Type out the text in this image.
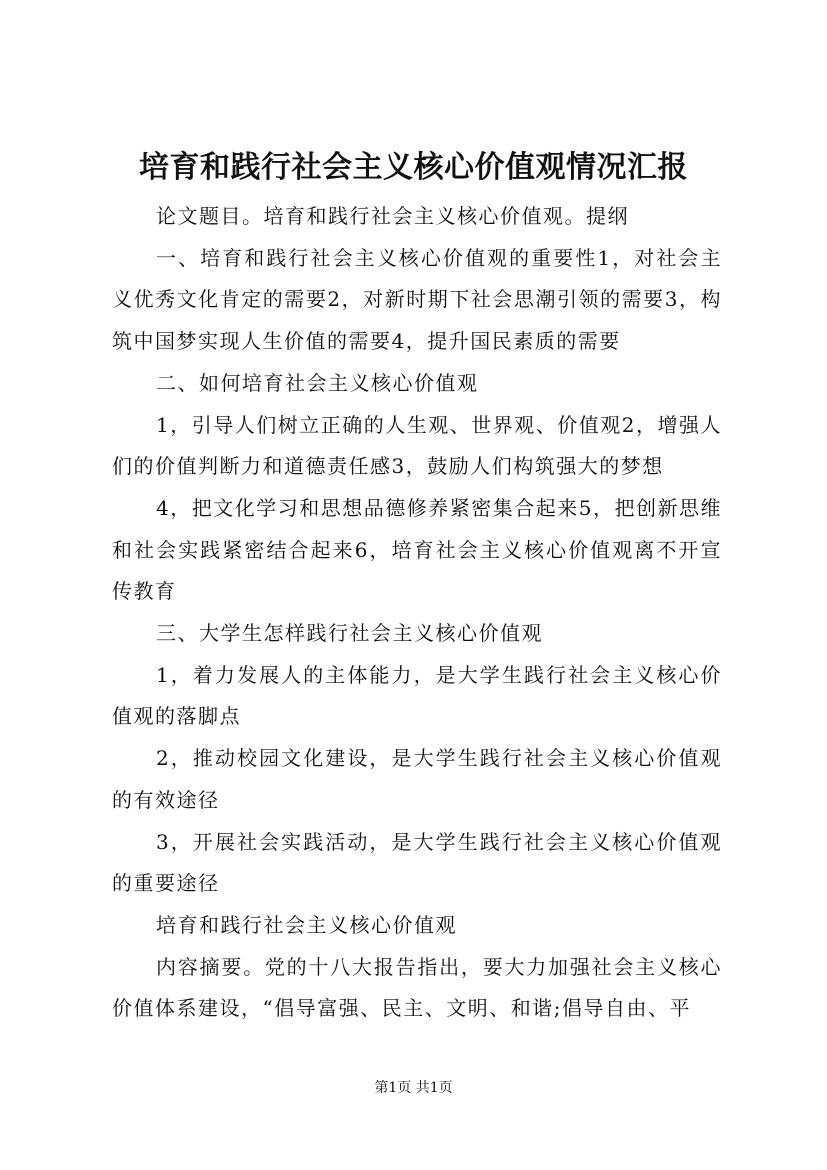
培育和践行社会主义核心价值观情况汇报

论文题目。培育和践行社会主义核心价值观。提纲

一、培育和践行社会主义核心价值观的重要性1，对社会主义优秀文化肯定的需要2，对新时期下社会思潮引领的需要3，构筑中国梦实现人生价值的需要4，提升国民素质的需要

二、如何培育社会主义核心价值观

1，引导人们树立正确的人生观、世界观、价值观2，增强人们的价值判断力和道德责任感3，鼓励人们构筑强大的梦想

4，把文化学习和思想品德修养紧密集合起来5，把创新思维和社会实践紧密结合起来6，培育社会主义核心价值观离不开宣传教育

三、大学生怎样践行社会主义核心价值观

1，着力发展人的主体能力，是大学生践行社会主义核心价值观的落脚点

2，推动校园文化建设，是大学生践行社会主义核心价值观的有效途径

3，开展社会实践活动，是大学生践行社会主义核心价值观的重要途径

培育和践行社会主义核心价值观

内容摘要。党的十八大报告指出，要大力加强社会主义核心价值体系建设，“倡导富强、民主、文明、和谐;倡导自由、平

第1页 共1页
